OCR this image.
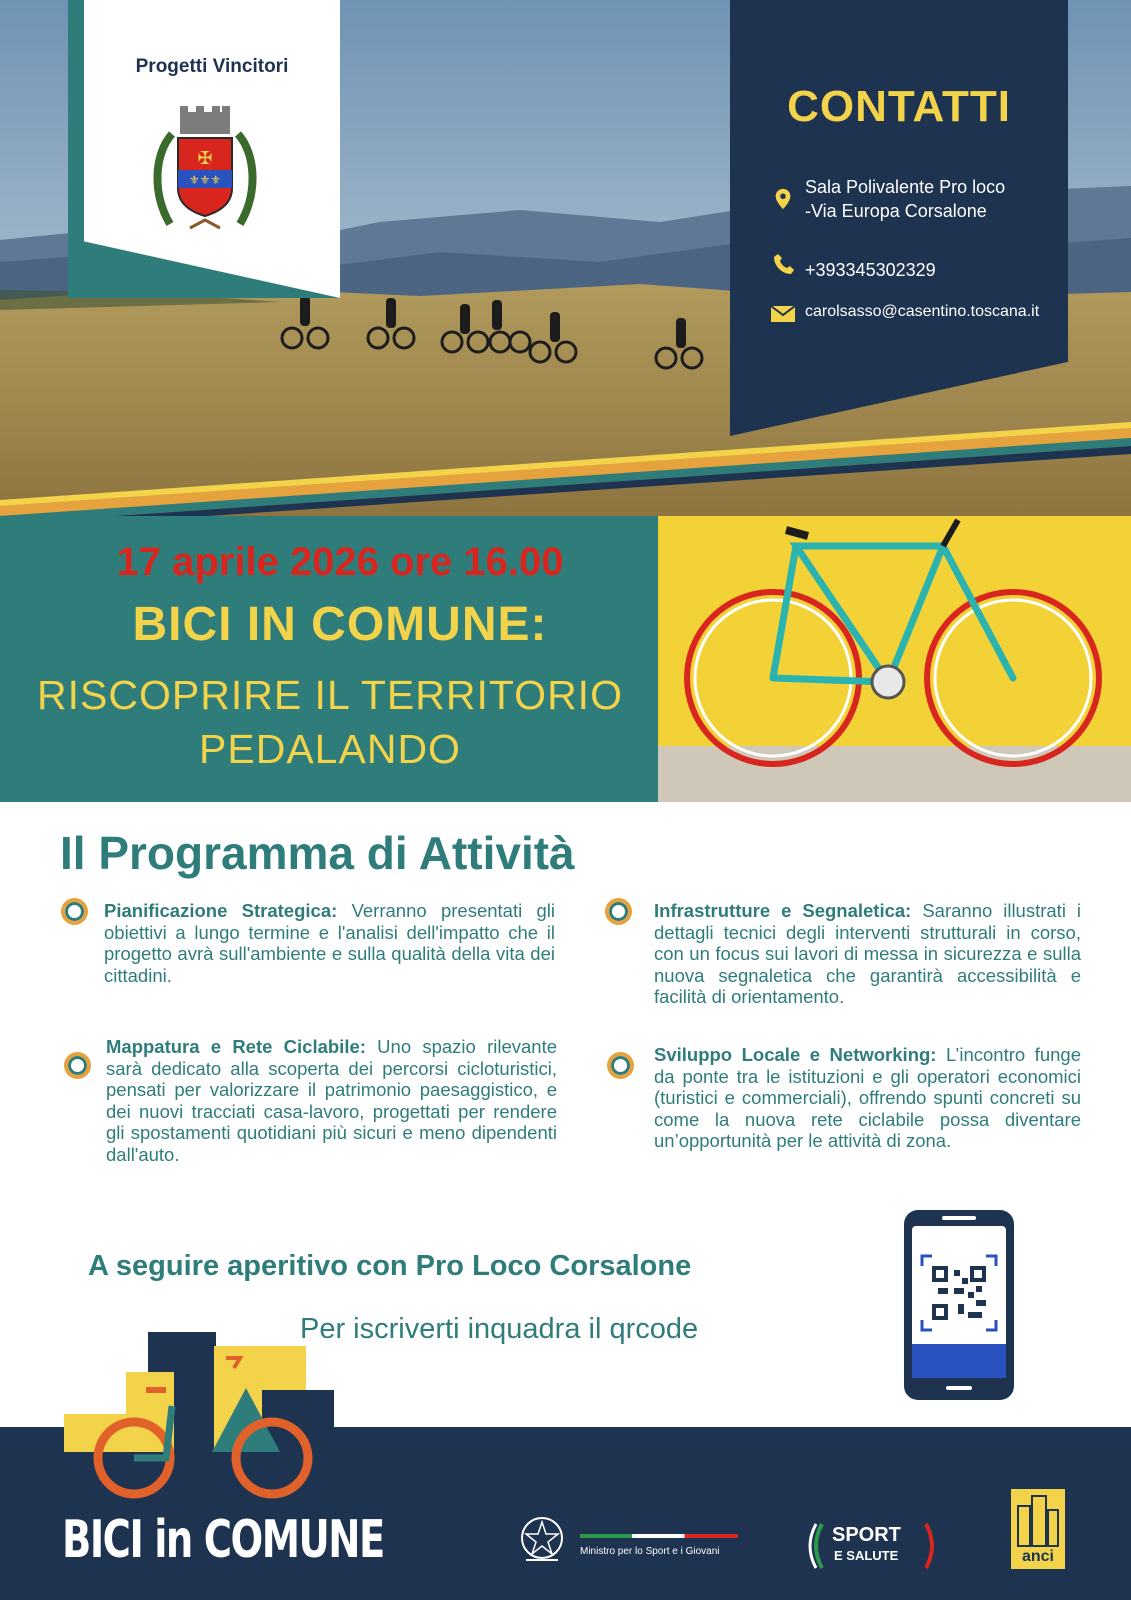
Progetti Vincitori
✠
⚜⚜⚜
CONTATTI
Sala Polivalente Pro loco
-Via Europa Corsalone
+393345302329
carolsasso@casentino.toscana.it
17 aprile 2026 ore 16.00
BICI IN COMUNE:
RISCOPRIRE IL TERRITORIO
PEDALANDO
Il Programma di Attività
Pianificazione Strategica: Verranno presentati gli obiettivi a lungo termine e l'analisi dell'impatto che il progetto avrà sull'ambiente e sulla qualità della vita dei cittadini.
Infrastrutture e Segnaletica: Saranno illustrati i dettagli tecnici degli interventi strutturali in corso, con un focus sui lavori di messa in sicurezza e sulla nuova segnaletica che garantirà accessibilità e facilità di orientamento.
Mappatura e Rete Ciclabile: Uno spazio rilevante sarà dedicato alla scoperta dei percorsi cicloturistici, pensati per valorizzare il patrimonio paesaggistico, e dei nuovi tracciati casa-lavoro, progettati per rendere gli spostamenti quotidiani più sicuri e meno dipendenti dall'auto.
Sviluppo Locale e Networking: L’incontro funge da ponte tra le istituzioni e gli operatori economici (turistici e commerciali), offrendo spunti concreti su come la nuova rete ciclabile possa diventare un’opportunità per le attività di zona.
A seguire aperitivo con Pro Loco Corsalone
Per iscriverti inquadra il qrcode
BICI in COMUNE	Ministro per lo Sport e i Giovani
SPORT
E SALUTE	anci
